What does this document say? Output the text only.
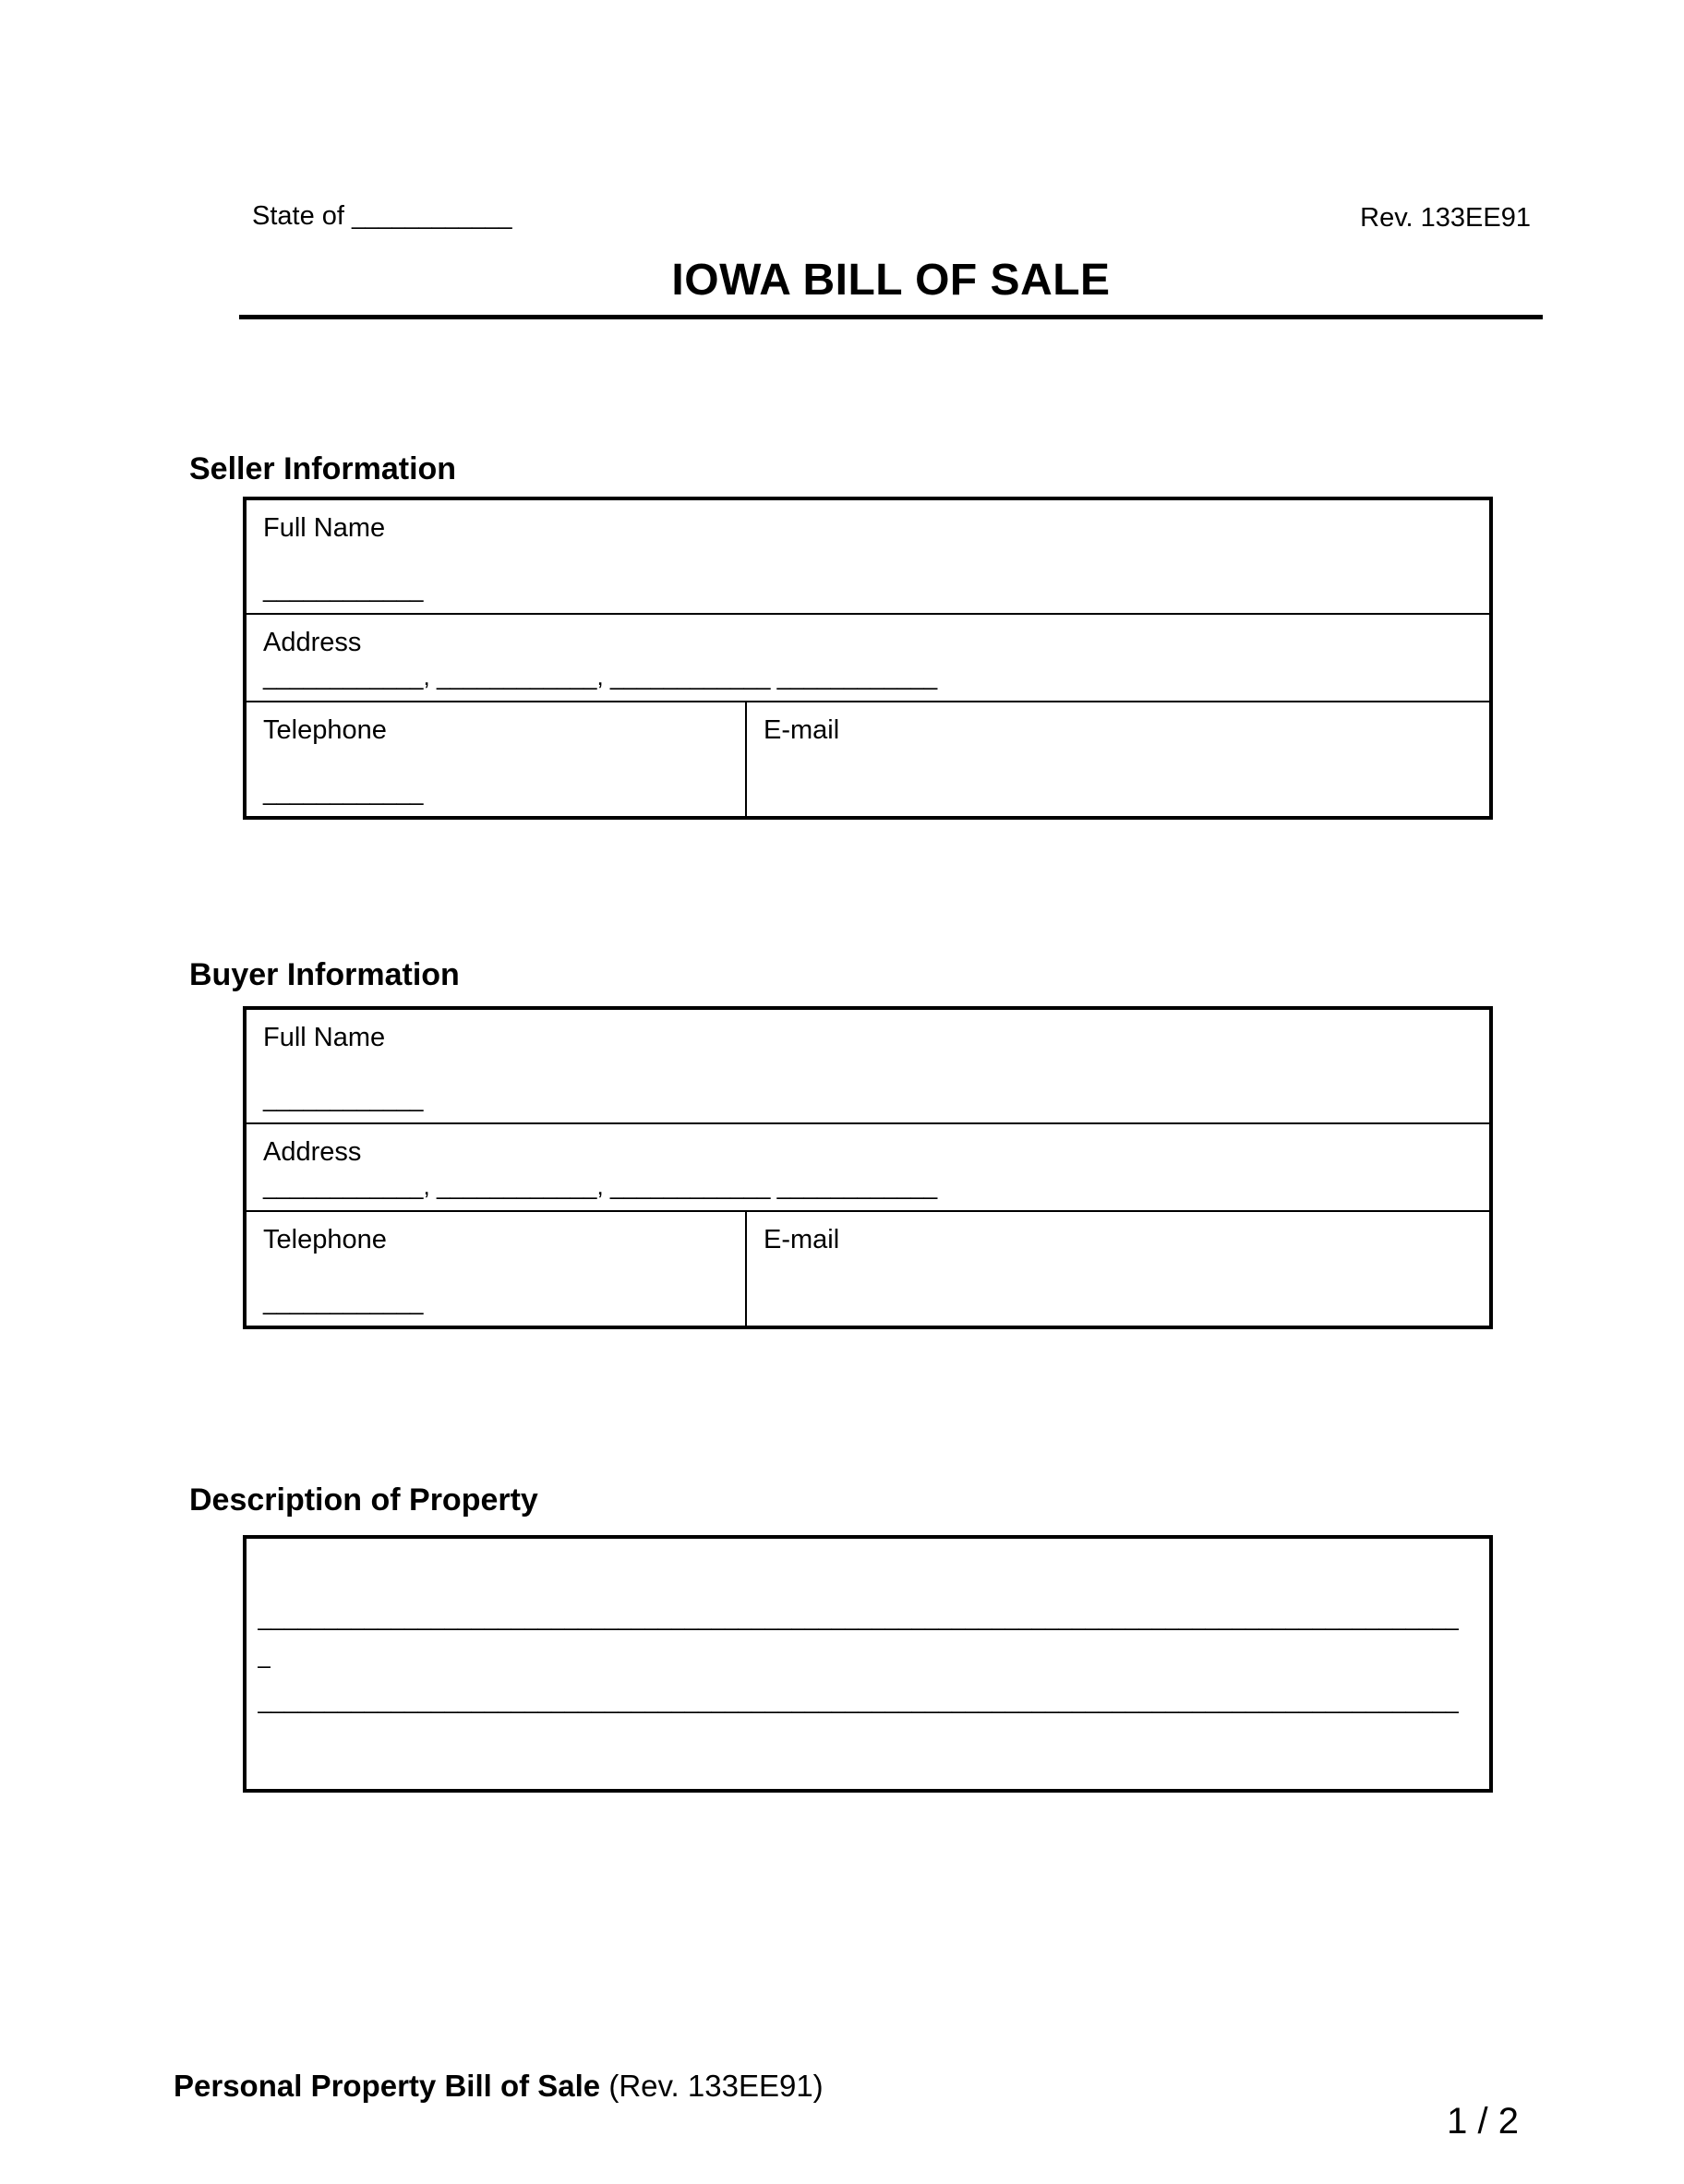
State of ____________	Rev. 133EE91
IOWA BILL OF SALE
Seller Information
Full Name
____________
Address
____________, ____________, ____________ ____________
Telephone
____________
E-mail
Buyer Information
Full Name
____________
Address
____________, ____________, ____________ ____________
Telephone
____________
E-mail
Description of Property
__________________________________________________________________________________________
_
__________________________________________________________________________________________
Personal Property Bill of Sale (Rev. 133EE91)
1 / 2
